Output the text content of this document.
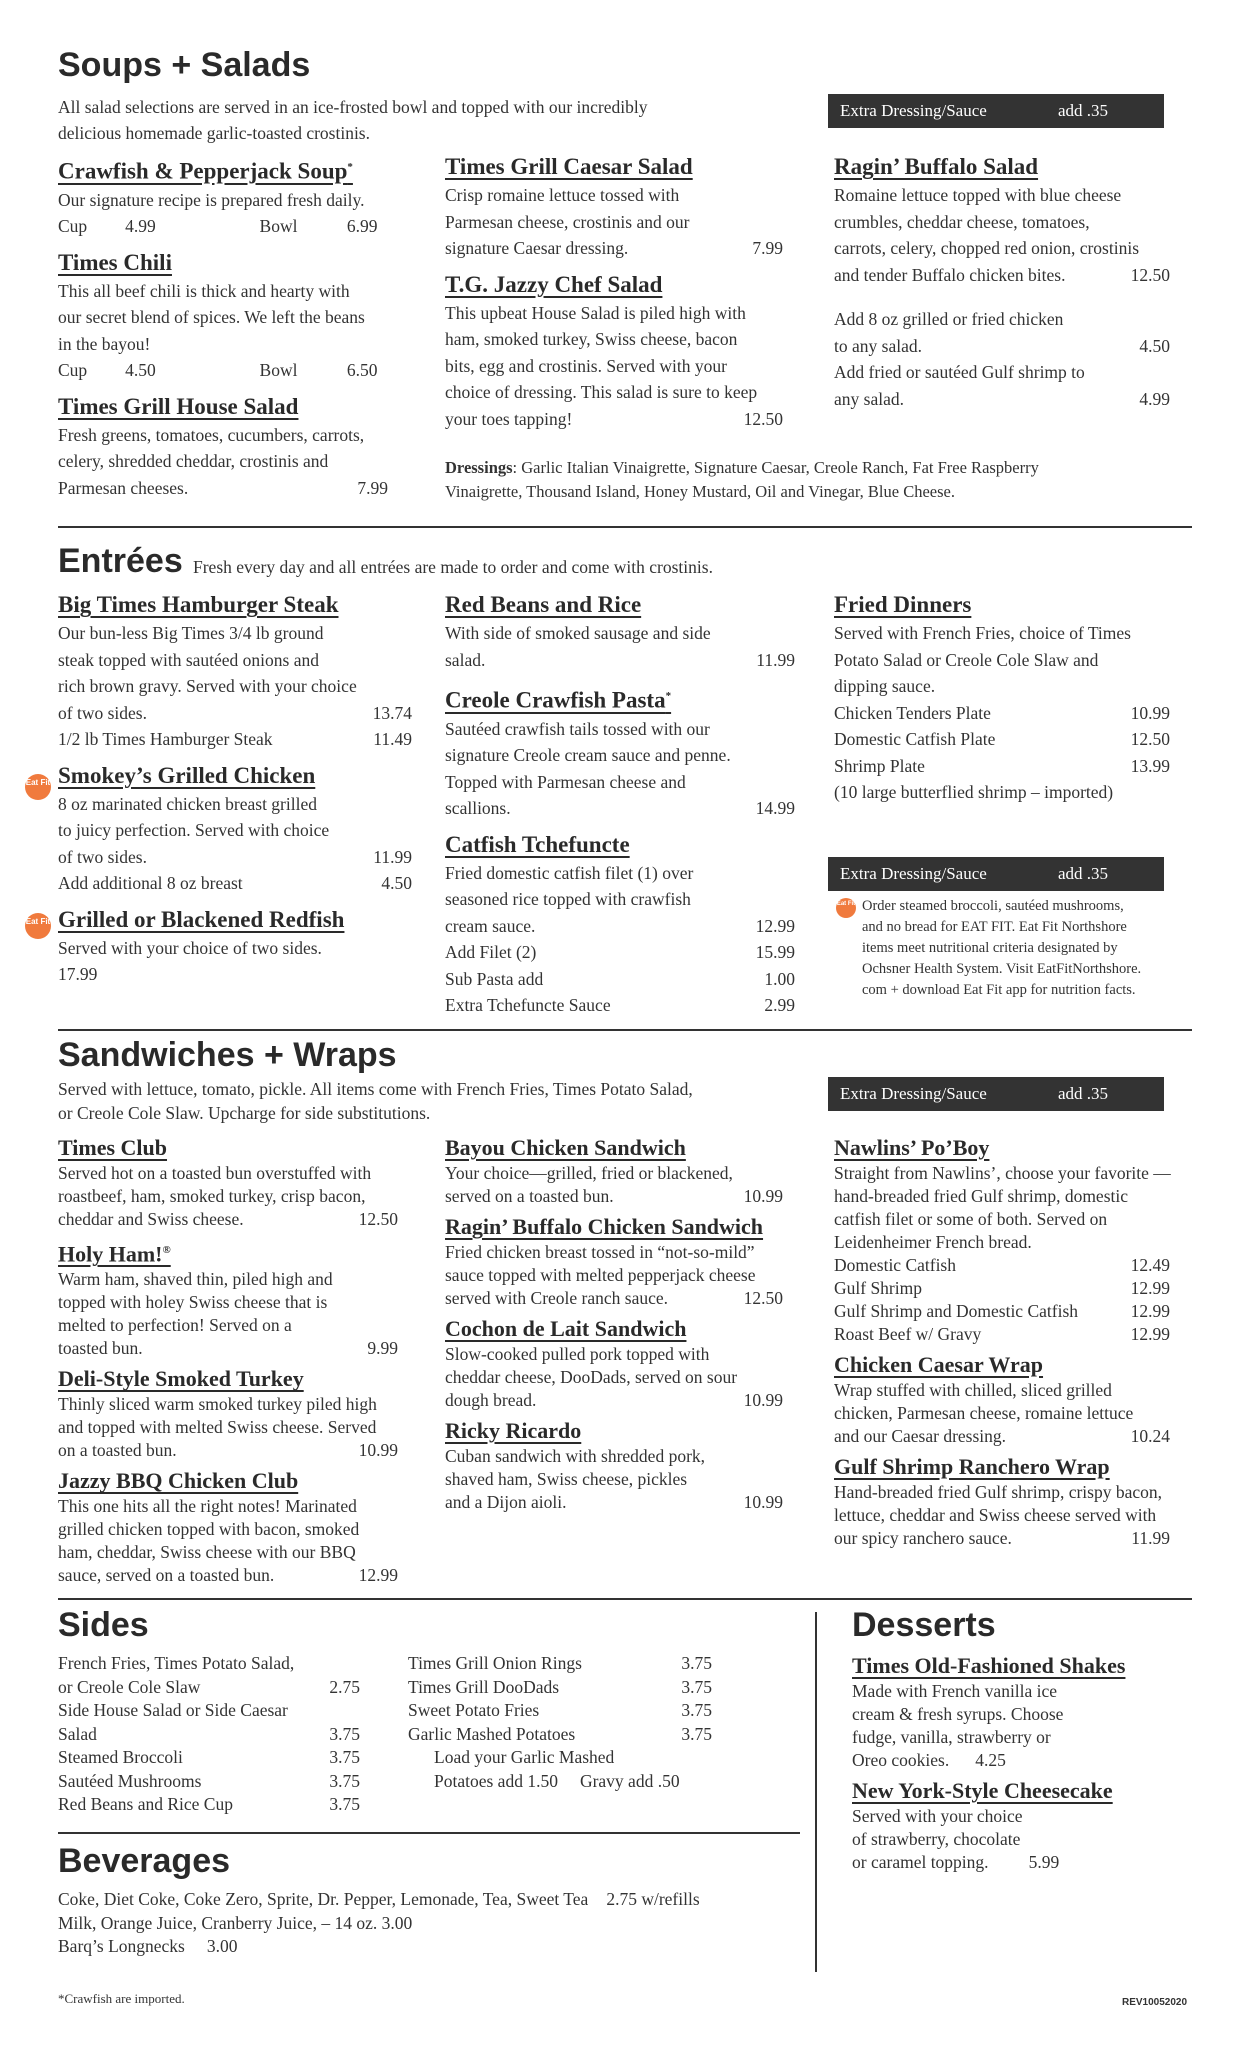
Soups + Salads
All salad selections are served in an ice-frosted bowl and topped with our incredibly
delicious homemade garlic-toasted crostinis.
Extra Dressing/Sauce	add .35
Crawfish & Pepperjack Soup*
Our signature recipe is prepared fresh daily.
Cup	4.99	Bowl	6.99
Times Chili
This all beef chili is thick and hearty with
our secret blend of spices. We left the beans
in the bayou!
Cup	4.50	Bowl	6.50
Times Grill House Salad
Fresh greens, tomatoes, cucumbers, carrots,
celery, shredded cheddar, crostinis and
Parmesan cheeses.	7.99
Times Grill Caesar Salad
Crisp romaine lettuce tossed with
Parmesan cheese, crostinis and our
signature Caesar dressing.	7.99
T.G. Jazzy Chef Salad
This upbeat House Salad is piled high with
ham, smoked turkey, Swiss cheese, bacon
bits, egg and crostinis. Served with your
choice of dressing. This salad is sure to keep
your toes tapping!	12.50
Ragin’ Buffalo Salad
Romaine lettuce topped with blue cheese
crumbles, cheddar cheese, tomatoes,
carrots, celery, chopped red onion, crostinis
and tender Buffalo chicken bites.	12.50
Add 8 oz grilled or fried chicken
to any salad.	4.50
Add fried or sautéed Gulf shrimp to
any salad.	4.99
Dressings: Garlic Italian Vinaigrette, Signature Caesar, Creole Ranch, Fat Free Raspberry
Vinaigrette, Thousand Island, Honey Mustard, Oil and Vinegar, Blue Cheese.
Entrées Fresh every day and all entrées are made to order and come with crostinis.
Big Times Hamburger Steak
Our bun-less Big Times 3/4 lb ground
steak topped with sautéed onions and
rich brown gravy. Served with your choice
of two sides.	13.74
1/2 lb Times Hamburger Steak	11.49
Smokey’s Grilled Chicken
8 oz marinated chicken breast grilled
to juicy perfection. Served with choice
of two sides.	11.99
Add additional 8 oz breast	4.50
Grilled or Blackened Redfish
Served with your choice of two sides.
17.99
Eat Fit
Eat Fit
Red Beans and Rice
With side of smoked sausage and side
salad.	11.99
Creole Crawfish Pasta*
Sautéed crawfish tails tossed with our
signature Creole cream sauce and penne.
Topped with Parmesan cheese and
scallions.	14.99
Catfish Tchefuncte
Fried domestic catfish filet (1) over
seasoned rice topped with crawfish
cream sauce.	12.99
Add Filet (2)	15.99
Sub Pasta add	1.00
Extra Tchefuncte Sauce	2.99
Fried Dinners
Served with French Fries, choice of Times
Potato Salad or Creole Cole Slaw and
dipping sauce.
Chicken Tenders Plate	10.99
Domestic Catfish Plate	12.50
Shrimp Plate	13.99
(10 large butterflied shrimp – imported)
Extra Dressing/Sauce	add .35
Eat Fit Order steamed broccoli, sautéed mushrooms,
and no bread for EAT FIT. Eat Fit Northshore
items meet nutritional criteria designated by
Ochsner Health System. Visit EatFitNorthshore.
com + download Eat Fit app for nutrition facts.
Sandwiches + Wraps
Served with lettuce, tomato, pickle. All items come with French Fries, Times Potato Salad,
or Creole Cole Slaw. Upcharge for side substitutions.
Extra Dressing/Sauce	add .35
Times Club
Served hot on a toasted bun overstuffed with
roastbeef, ham, smoked turkey, crisp bacon,
cheddar and Swiss cheese.	12.50
Holy Ham!®
Warm ham, shaved thin, piled high and
topped with holey Swiss cheese that is
melted to perfection! Served on a
toasted bun.	9.99
Deli-Style Smoked Turkey
Thinly sliced warm smoked turkey piled high
and topped with melted Swiss cheese. Served
on a toasted bun.	10.99
Jazzy BBQ Chicken Club
This one hits all the right notes! Marinated
grilled chicken topped with bacon, smoked
ham, cheddar, Swiss cheese with our BBQ
sauce, served on a toasted bun.	12.99
Bayou Chicken Sandwich
Your choice—grilled, fried or blackened,
served on a toasted bun.	10.99
Ragin’ Buffalo Chicken Sandwich
Fried chicken breast tossed in “not-so-mild”
sauce topped with melted pepperjack cheese
served with Creole ranch sauce.	12.50
Cochon de Lait Sandwich
Slow-cooked pulled pork topped with
cheddar cheese, DooDads, served on sour
dough bread.	10.99
Ricky Ricardo
Cuban sandwich with shredded pork,
shaved ham, Swiss cheese, pickles
and a Dijon aioli.	10.99
Nawlins’ Po’Boy
Straight from Nawlins’, choose your favorite —
hand-breaded fried Gulf shrimp, domestic
catfish filet or some of both. Served on
Leidenheimer French bread.
Domestic Catfish	12.49
Gulf Shrimp	12.99
Gulf Shrimp and Domestic Catfish	12.99
Roast Beef w/ Gravy	12.99
Chicken Caesar Wrap
Wrap stuffed with chilled, sliced grilled
chicken, Parmesan cheese, romaine lettuce
and our Caesar dressing.	10.24
Gulf Shrimp Ranchero Wrap
Hand-breaded fried Gulf shrimp, crispy bacon,
lettuce, cheddar and Swiss cheese served with
our spicy ranchero sauce.	11.99
Sides
French Fries, Times Potato Salad,
or Creole Cole Slaw	2.75
Side House Salad or Side Caesar
Salad	3.75
Steamed Broccoli	3.75
Sautéed Mushrooms	3.75
Red Beans and Rice Cup	3.75
Times Grill Onion Rings	3.75
Times Grill DooDads	3.75
Sweet Potato Fries	3.75
Garlic Mashed Potatoes	3.75
Load your Garlic Mashed
Potatoes add 1.50 Gravy add .50
Beverages
Coke, Diet Coke, Coke Zero, Sprite, Dr. Pepper, Lemonade, Tea, Sweet Tea 2.75 w/refills
Milk, Orange Juice, Cranberry Juice, – 14 oz. 3.00
Barq’s Longnecks 3.00
Desserts
Times Old-Fashioned Shakes
Made with French vanilla ice
cream & fresh syrups. Choose
fudge, vanilla, strawberry or
Oreo cookies. 4.25
New York-Style Cheesecake
Served with your choice
of strawberry, chocolate
or caramel topping. 5.99
*Crawfish are imported.	REV10052020
